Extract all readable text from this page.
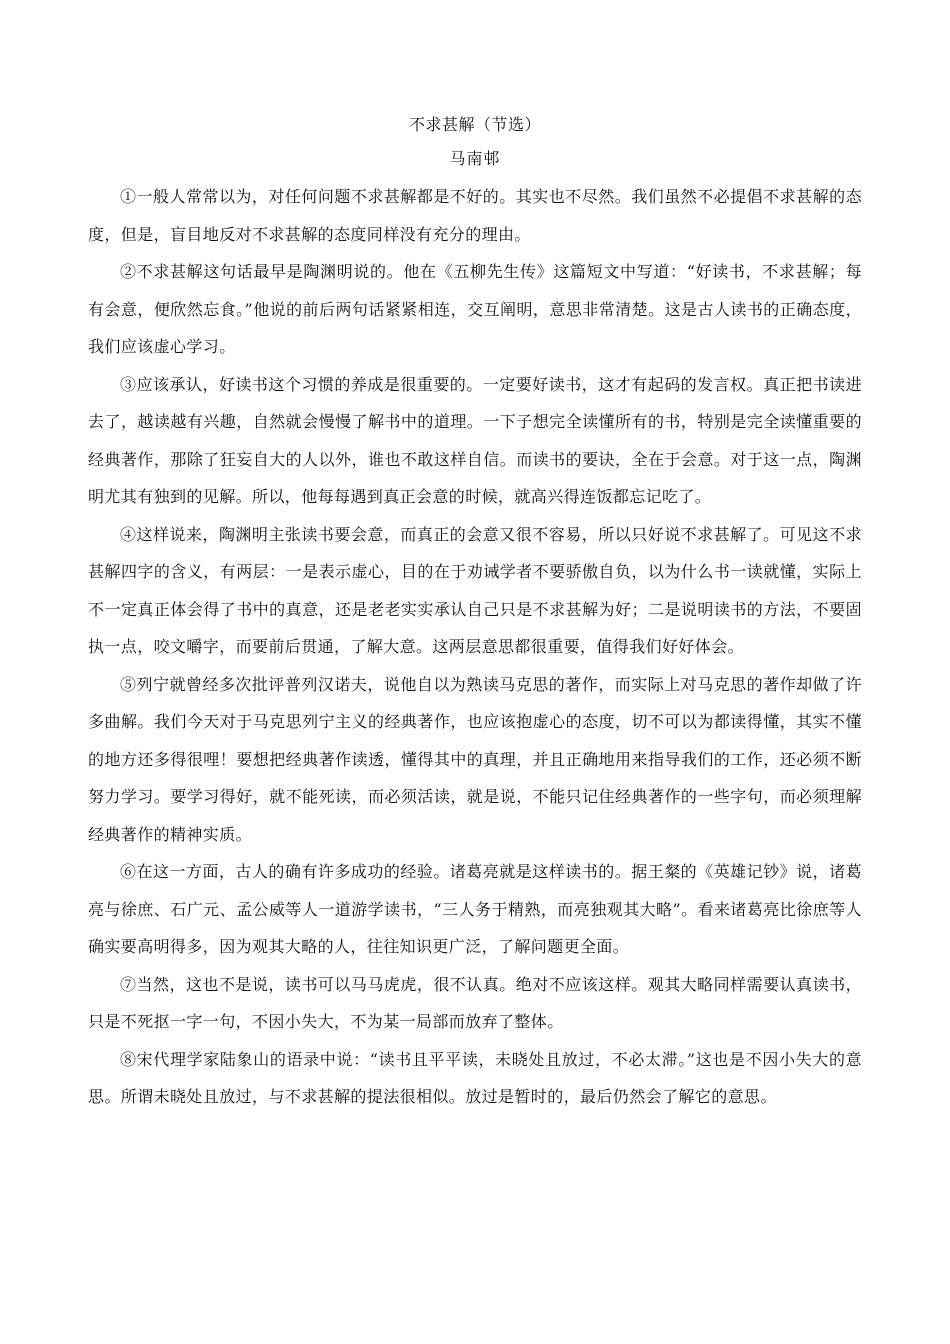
不求甚解（节选）
马南邨

①一般人常常以为，对任何问题不求甚解都是不好的。其实也不尽然。我们虽然不必提倡不求甚解的态度，但是，盲目地反对不求甚解的态度同样没有充分的理由。

②不求甚解这句话最早是陶渊明说的。他在《五柳先生传》这篇短文中写道：“好读书，不求甚解；每有会意，便欣然忘食。”他说的前后两句话紧紧相连，交互阐明，意思非常清楚。这是古人读书的正确态度，我们应该虚心学习。

③应该承认，好读书这个习惯的养成是很重要的。一定要好读书，这才有起码的发言权。真正把书读进去了，越读越有兴趣，自然就会慢慢了解书中的道理。一下子想完全读懂所有的书，特别是完全读懂重要的经典著作，那除了狂妄自大的人以外，谁也不敢这样自信。而读书的要诀，全在于会意。对于这一点，陶渊明尤其有独到的见解。所以，他每每遇到真正会意的时候，就高兴得连饭都忘记吃了。

④这样说来，陶渊明主张读书要会意，而真正的会意又很不容易，所以只好说不求甚解了。可见这不求甚解四字的含义，有两层：一是表示虚心，目的在于劝诫学者不要骄傲自负，以为什么书一读就懂，实际上不一定真正体会得了书中的真意，还是老老实实承认自己只是不求甚解为好；二是说明读书的方法，不要固执一点，咬文嚼字，而要前后贯通，了解大意。这两层意思都很重要，值得我们好好体会。

⑤列宁就曾经多次批评普列汉诺夫，说他自以为熟读马克思的著作，而实际上对马克思的著作却做了许多曲解。我们今天对于马克思列宁主义的经典著作，也应该抱虚心的态度，切不可以为都读得懂，其实不懂的地方还多得很哩！要想把经典著作读透，懂得其中的真理，并且正确地用来指导我们的工作，还必须不断努力学习。要学习得好，就不能死读，而必须活读，就是说，不能只记住经典著作的一些字句，而必须理解经典著作的精神实质。

⑥在这一方面，古人的确有许多成功的经验。诸葛亮就是这样读书的。据王粲的《英雄记钞》说，诸葛亮与徐庶、石广元、孟公威等人一道游学读书，“三人务于精熟，而亮独观其大略”。看来诸葛亮比徐庶等人确实要高明得多，因为观其大略的人，往往知识更广泛，了解问题更全面。

⑦当然，这也不是说，读书可以马马虎虎，很不认真。绝对不应该这样。观其大略同样需要认真读书，只是不死抠一字一句，不因小失大，不为某一局部而放弃了整体。

⑧宋代理学家陆象山的语录中说：“读书且平平读，未晓处且放过，不必太滞。”这也是不因小失大的意思。所谓未晓处且放过，与不求甚解的提法很相似。放过是暂时的，最后仍然会了解它的意思。
